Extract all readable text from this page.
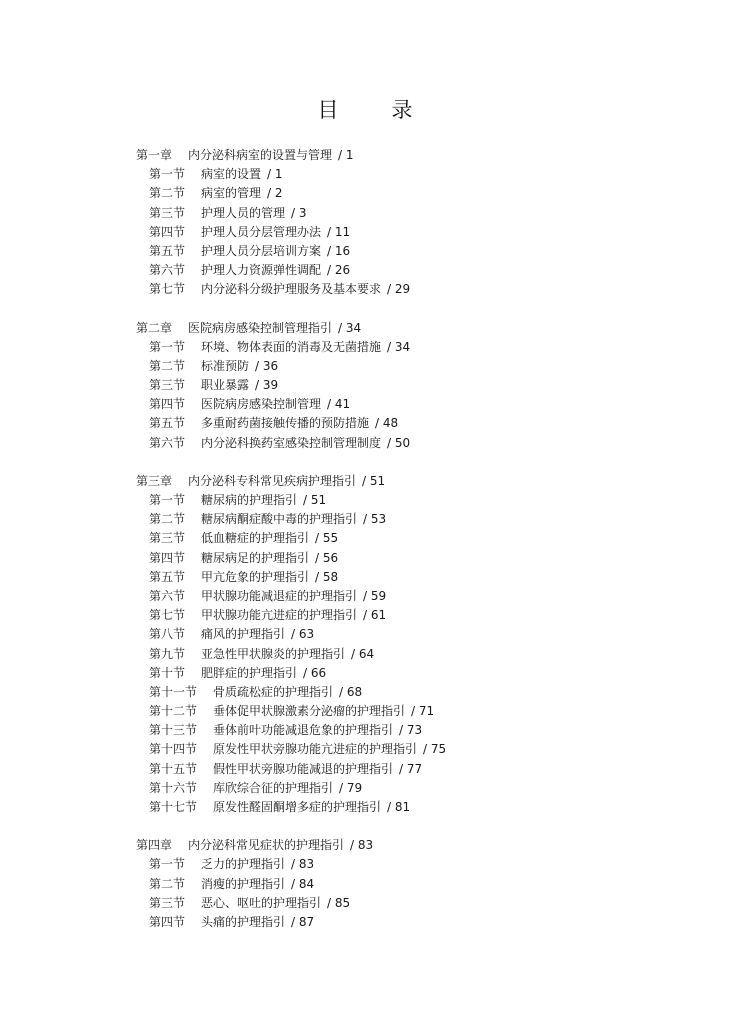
目　录
第一章 内分泌科病室的设置与管理 / 1
第一节 病室的设置 / 1
第二节 病室的管理 / 2
第三节 护理人员的管理 / 3
第四节 护理人员分层管理办法 / 11
第五节 护理人员分层培训方案 / 16
第六节 护理人力资源弹性调配 / 26
第七节 内分泌科分级护理服务及基本要求 / 29
第二章 医院病房感染控制管理指引 / 34
第一节 环境、物体表面的消毒及无菌措施 / 34
第二节 标准预防 / 36
第三节 职业暴露 / 39
第四节 医院病房感染控制管理 / 41
第五节 多重耐药菌接触传播的预防措施 / 48
第六节 内分泌科换药室感染控制管理制度 / 50
第三章 内分泌科专科常见疾病护理指引 / 51
第一节 糖尿病的护理指引 / 51
第二节 糖尿病酮症酸中毒的护理指引 / 53
第三节 低血糖症的护理指引 / 55
第四节 糖尿病足的护理指引 / 56
第五节 甲亢危象的护理指引 / 58
第六节 甲状腺功能减退症的护理指引 / 59
第七节 甲状腺功能亢进症的护理指引 / 61
第八节 痛风的护理指引 / 63
第九节 亚急性甲状腺炎的护理指引 / 64
第十节 肥胖症的护理指引 / 66
第十一节 骨质疏松症的护理指引 / 68
第十二节 垂体促甲状腺激素分泌瘤的护理指引 / 71
第十三节 垂体前叶功能减退危象的护理指引 / 73
第十四节 原发性甲状旁腺功能亢进症的护理指引 / 75
第十五节 假性甲状旁腺功能减退的护理指引 / 77
第十六节 库欣综合征的护理指引 / 79
第十七节 原发性醛固酮增多症的护理指引 / 81
第四章 内分泌科常见症状的护理指引 / 83
第一节 乏力的护理指引 / 83
第二节 消瘦的护理指引 / 84
第三节 恶心、呕吐的护理指引 / 85
第四节 头痛的护理指引 / 87
